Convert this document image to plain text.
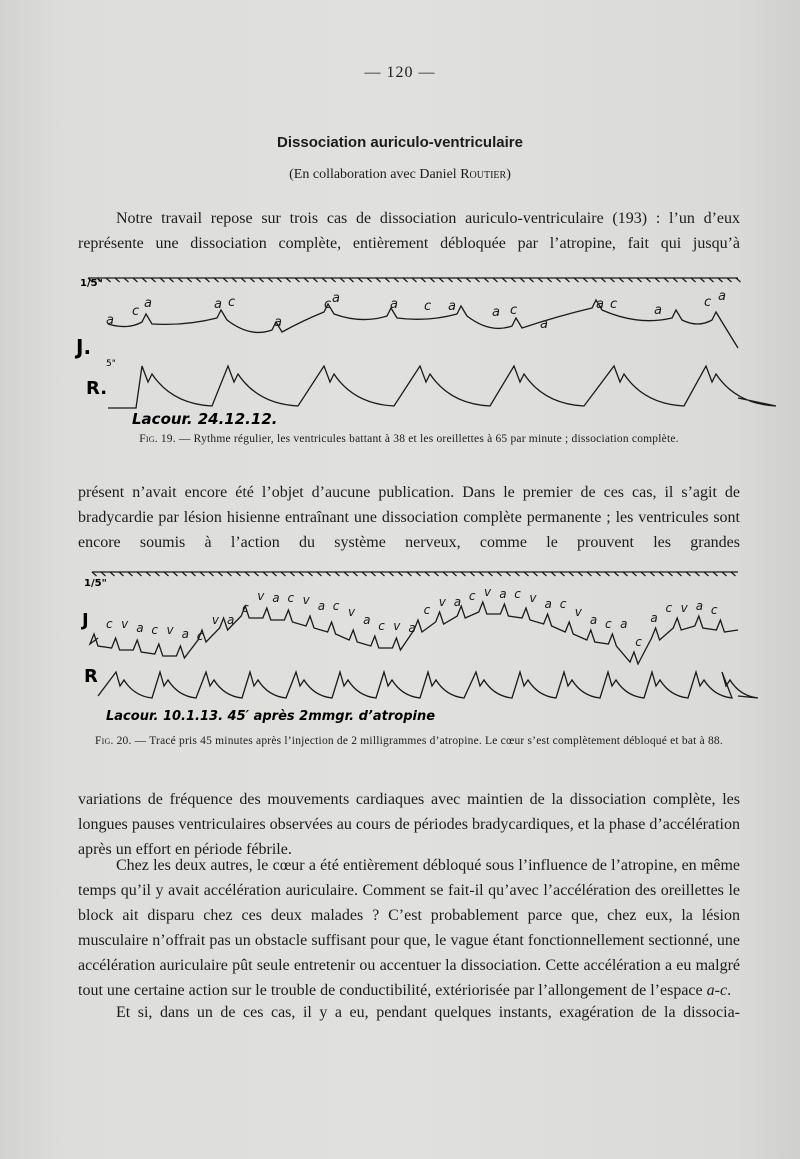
— 120 —
Dissociation auriculo-ventriculaire
(En collaboration avec Daniel Routier)

Notre travail repose sur trois cas de dissociation auriculo-ventriculaire (193) : l’un d’eux représente une dissociation complète, entièrement débloquée par l’atropine, fait qui jusqu’à

a
c
a	a c
a
c a	a c a	a c
a
a c	a
c a
1/5"
J.
5"
R.
Lacour. 24.12.12.
Fig. 19. — Rythme régulier, les ventricules battant à 38 et les oreillettes à 65 par minute ; dissociation complète.

présent n’avait encore été l’objet d’aucune publication. Dans le premier de ces cas, il s’agit de bradycardie par lésion hisienne entraînant une dissociation complète permanente ; les ventricules sont encore soumis à l’action du système nerveux, comme le prouvent les grandes

c v a c v a c
v a
c
v a c v a c v
a c v a
c
v a c v a c v a c
v
a c a
c
a
c v a c
1/5"
J
R
Lacour. 10.1.13. 45′ après 2mmgr. d’atropine
Fig. 20. — Tracé pris 45 minutes après l’injection de 2 milligrammes d’atropine. Le cœur s’est complètement débloqué et bat à 88.

variations de fréquence des mouvements cardiaques avec maintien de la dissociation complète, les longues pauses ventriculaires observées au cours de périodes bradycardiques, et la phase d’accélération après un effort en période fébrile.

Chez les deux autres, le cœur a été entièrement débloqué sous l’influence de l’atropine, en même temps qu’il y avait accélération auriculaire. Comment se fait-il qu’avec l’accélération des oreillettes le block ait disparu chez ces deux malades ? C’est probablement parce que, chez eux, la lésion musculaire n’offrait pas un obstacle suffisant pour que, le vague étant fonctionnellement sectionné, une accélération auriculaire pût seule entretenir ou accentuer la dissociation. Cette accélération a eu malgré tout une certaine action sur le trouble de conductibilité, extériorisée par l’allongement de l’espace a-c.

Et si, dans un de ces cas, il y a eu, pendant quelques instants, exagération de la dissocia-
